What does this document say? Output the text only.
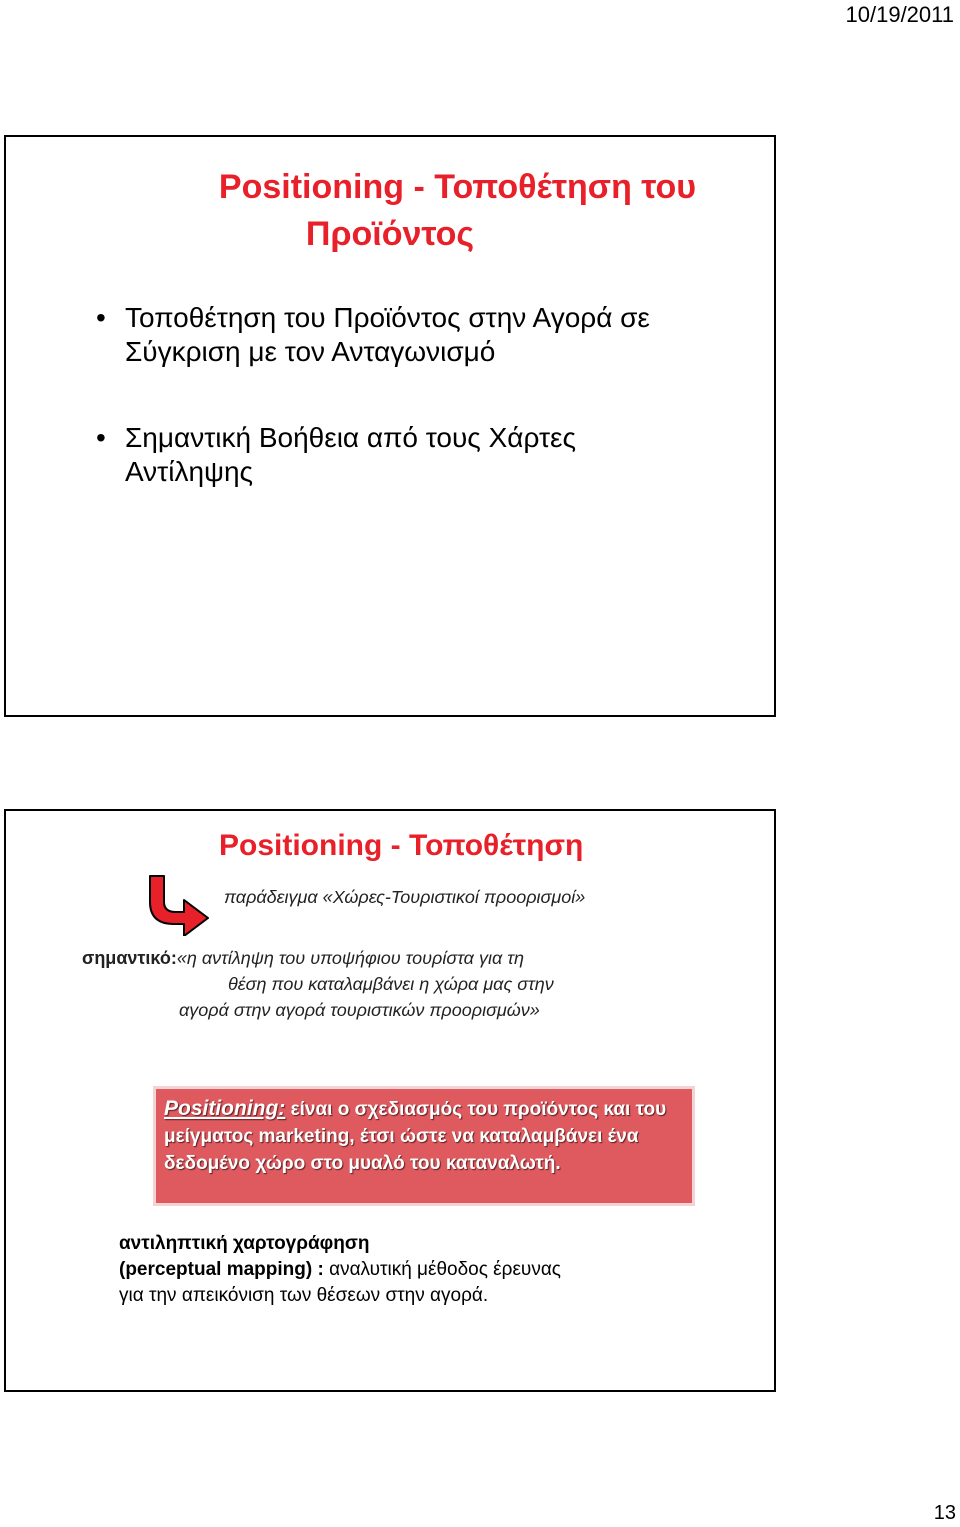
10/19/2011
Positioning - Τοποθέτηση του
Προϊόντος
• Τοποθέτηση του Προϊόντος στην Αγορά σε
Σύγκριση με τον Ανταγωνισμό
• Σημαντική Βοήθεια από τους Χάρτες
Αντίληψης
Positioning - Τοποθέτηση
παράδειγμα «Χώρες-Τουριστικοί προορισμοί»
σημαντικό:«η αντίληψη του υποψήφιου τουρίστα για τη
θέση που καταλαμβάνει η χώρα μας στην
αγορά στην αγορά τουριστικών προορισμών»
Positioning: είναι ο σχεδιασμός του προϊόντος και του
μείγματος marketing, έτσι ώστε να καταλαμβάνει ένα
δεδομένο χώρο στο μυαλό του καταναλωτή.
αντιληπτική χαρτογράφηση
(perceptual mapping) : αναλυτική μέθοδος έρευνας
για την απεικόνιση των θέσεων στην αγορά.
13
